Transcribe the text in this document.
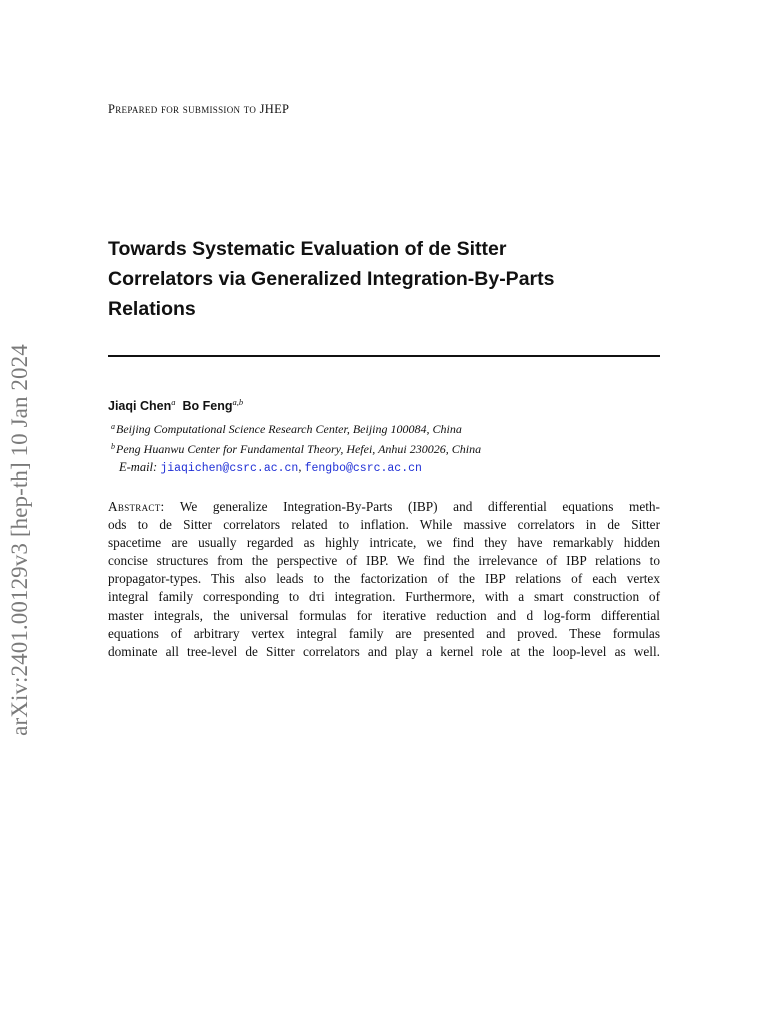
arXiv:2401.00129v3 [hep-th] 10 Jan 2024
Prepared for submission to JHEP
Towards Systematic Evaluation of de Sitter
Correlators via Generalized Integration-By-Parts
Relations
Jiaqi Chen$^a$ Bo Feng$^{a,b}$
$^a$Beijing Computational Science Research Center, Beijing 100084, China
$^b$Peng Huanwu Center for Fundamental Theory, Hefei, Anhui 230026, China
E-mail: jiaqichen@csrc.ac.cn, fengbo@csrc.ac.cn
Abstract: We generalize Integration-By-Parts (IBP) and differential equations meth-
ods to de Sitter correlators related to inflation. While massive correlators in de Sitter
spacetime are usually regarded as highly intricate, we find they have remarkably hidden
concise structures from the perspective of IBP. We find the irrelevance of IBP relations to
propagator-types. This also leads to the factorization of the IBP relations of each vertex
integral family corresponding to dτi integration. Furthermore, with a smart construction of
master integrals, the universal formulas for iterative reduction and d log-form differential
equations of arbitrary vertex integral family are presented and proved. These formulas
dominate all tree-level de Sitter correlators and play a kernel role at the loop-level as well.
